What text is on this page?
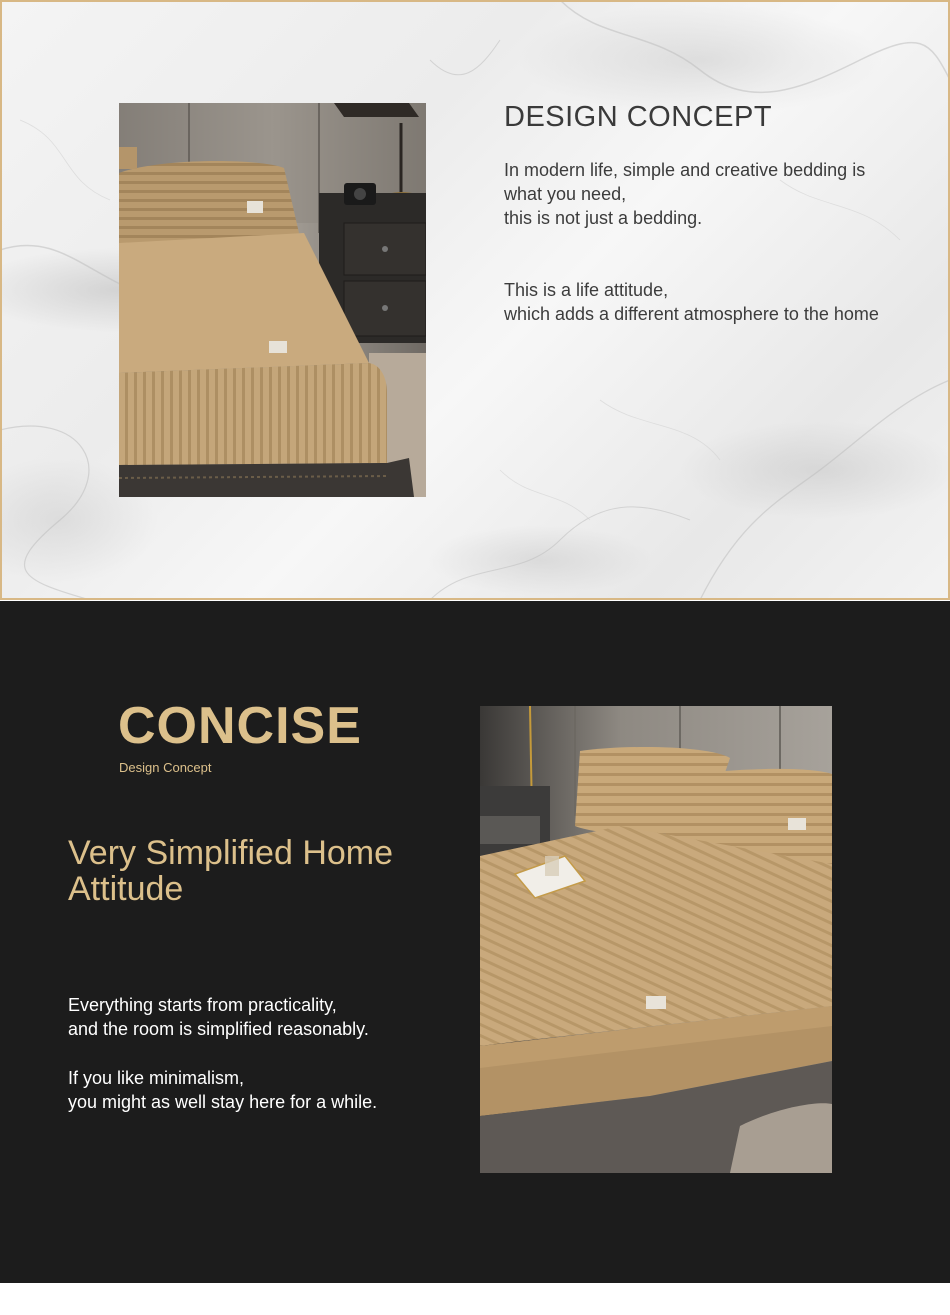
DESIGN CONCEPT

In modern life, simple and creative bedding is
what you need,
this is not just a bedding.

This is a life attitude,
which adds a different atmosphere to the home

CONCISE
Design Concept
Very Simplified Home
Attitude

Everything starts from practicality,
and the room is simplified reasonably.

If you like minimalism,
you might as well stay here for a while.
